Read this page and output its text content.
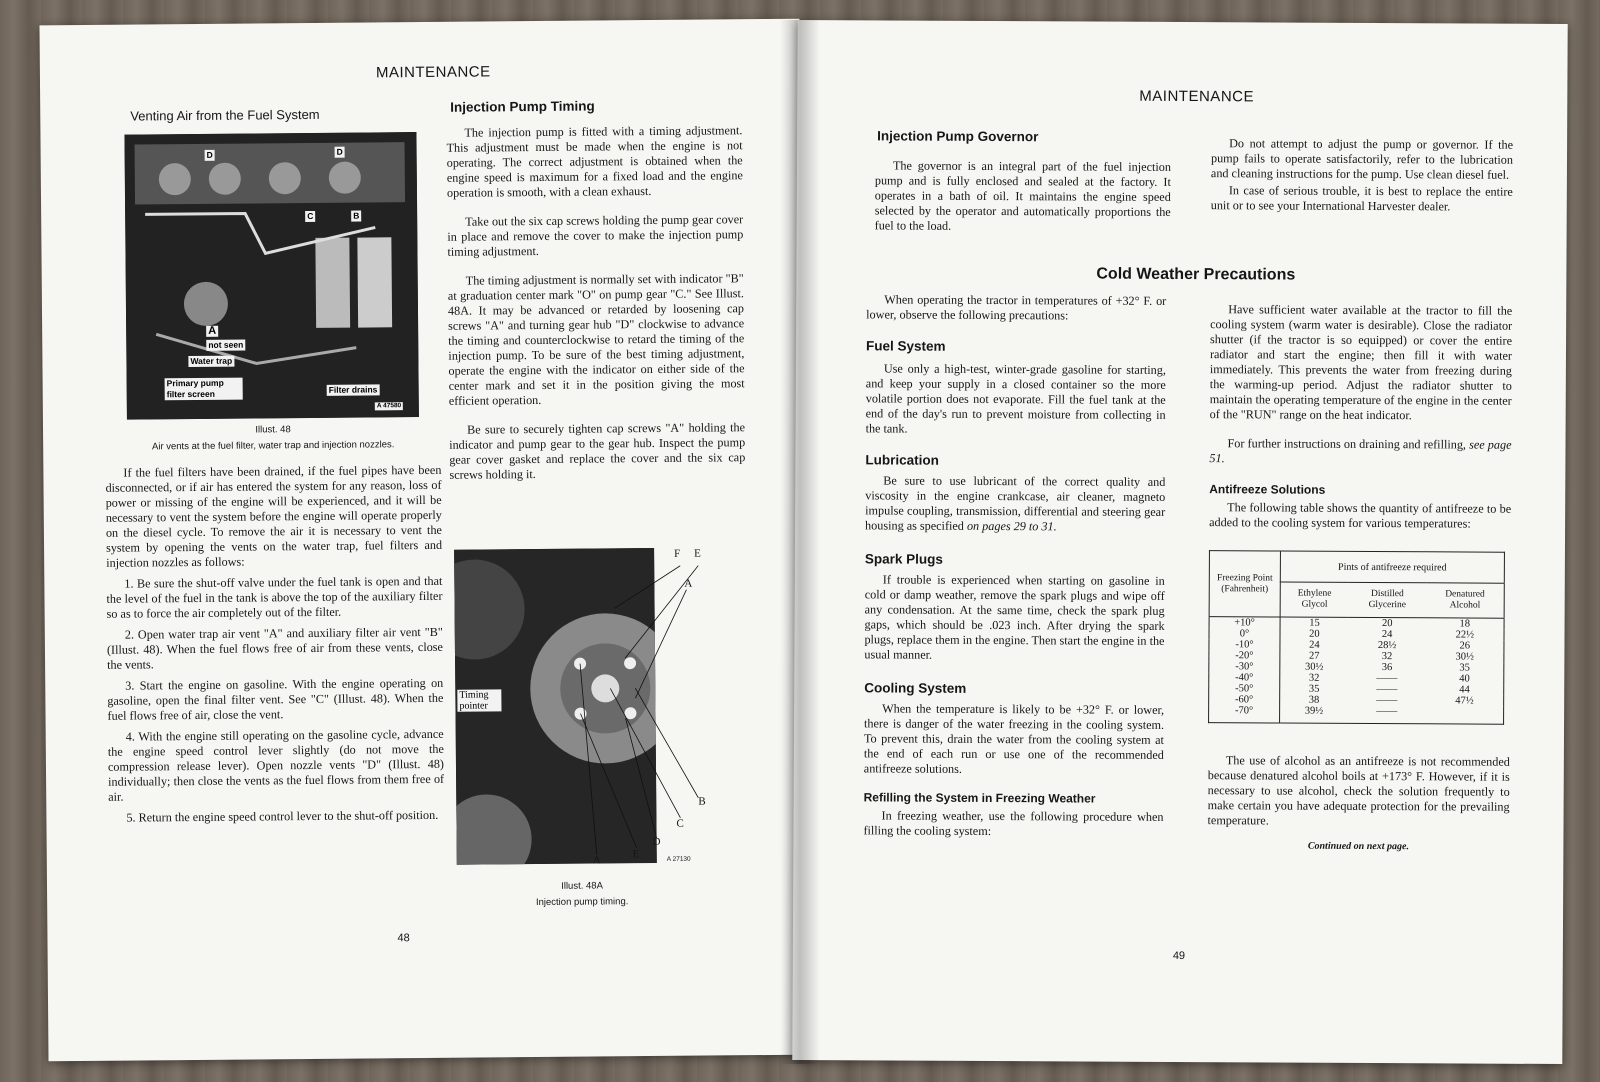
MAINTENANCE
Venting Air from the Fuel System
D	D
C	B
A
not seen
Water trap
Primary pump filter screen	Filter drains
A 47580
Illust. 48
Air vents at the fuel filter, water trap and injection nozzles.

If the fuel filters have been drained, if the fuel pipes have been disconnected, or if air has entered the system for any reason, loss of power or missing of the engine will be experienced, and it will be necessary to vent the system before the engine will operate properly on the diesel cycle. To remove the air it is necessary to vent the system by opening the vents on the water trap, fuel filters and injection nozzles as follows:

1. Be sure the shut-off valve under the fuel tank is open and that the level of the fuel in the tank is above the top of the auxiliary filter so as to force the air completely out of the filter.

2. Open water trap air vent "A" and auxiliary filter air vent "B" (Illust. 48). When the fuel flows free of air from these vents, close the vents.

3. Start the engine on gasoline. With the engine operating on gasoline, open the final filter vent. See "C" (Illust. 48). When the fuel flows free of air, close the vent.

4. With the engine still operating on the gasoline cycle, advance the engine speed control lever slightly (do not move the compression release lever). Open nozzle vents "D" (Illust. 48) individually; then close the vents as the fuel flows from them free of air.

5. Return the engine speed control lever to the shut-off position.

Injection Pump Timing

The injection pump is fitted with a timing adjustment. This adjustment must be made when the engine is not operating. The correct adjustment is obtained when the engine speed is maximum for a fixed load and the engine operation is smooth, with a clean exhaust.

Take out the six cap screws holding the pump gear cover in place and remove the cover to make the injection pump timing adjustment.

The timing adjustment is normally set with indicator "B" at graduation center mark "O" on pump gear "C." See Illust. 48A. It may be advanced or retarded by loosening cap screws "A" and turning gear hub "D" clockwise to advance the timing and counterclockwise to retard the timing of the injection pump. To be sure of the best timing adjustment, operate the engine with the indicator on either side of the center mark and set it in the position giving the most efficient operation.

Be sure to securely tighten cap screws "A" holding the indicator and pump gear to the gear hub. Inspect the pump gear cover gasket and replace the cover and the six cap screws holding it.

Timing pointer
F E
A
B
C
D
E
A	A 27130
Illust. 48A
Injection pump timing.
48
MAINTENANCE
Injection Pump Governor

The governor is an integral part of the fuel injection pump and is fully enclosed and sealed at the factory. It operates in a bath of oil. It maintains the engine speed selected by the operator and automatically proportions the fuel to the load.

Do not attempt to adjust the pump or governor. If the pump fails to operate satisfactorily, refer to the lubrication and cleaning instructions for the pump. Use clean diesel fuel.

In case of serious trouble, it is best to replace the entire unit or to see your International Harvester dealer.

Cold Weather Precautions

When operating the tractor in temperatures of +32° F. or lower, observe the following precautions:

Fuel System

Use only a high-test, winter-grade gasoline for starting, and keep your supply in a closed container so the more volatile portion does not evaporate. Fill the fuel tank at the end of the day's run to prevent moisture from collecting in the tank.

Lubrication

Be sure to use lubricant of the correct quality and viscosity in the engine crankcase, air cleaner, magneto impulse coupling, transmission, differential and steering gear housing as specified on pages 29 to 31.

Spark Plugs

If trouble is experienced when starting on gasoline in cold or damp weather, remove the spark plugs and wipe off any condensation. At the same time, check the spark plug gaps, which should be .023 inch. After drying the spark plugs, replace them in the engine. Then start the engine in the usual manner.

Cooling System

When the temperature is likely to be +32° F. or lower, there is danger of the water freezing in the cooling system. To prevent this, drain the water from the cooling system at the end of each run or use one of the recommended antifreeze solutions.

Refilling the System in Freezing Weather

In freezing weather, use the following procedure when filling the cooling system:

Have sufficient water available at the tractor to fill the cooling system (warm water is desirable). Close the radiator shutter (if the tractor is so equipped) or cover the entire radiator and start the engine; then fill it with water immediately. This prevents the water from freezing during the warming-up period. Adjust the radiator shutter to maintain the operating temperature of the engine in the center of the "RUN" range on the heat indicator.

For further instructions on draining and refilling, see page 51.

Antifreeze Solutions

The following table shows the quantity of antifreeze to be added to the cooling system for various temperatures:

Freezing Point (Fahrenheit)	Pints of antifreeze required		
	Ethylene Glycol	Distilled Glycerine	Denatured Alcohol
+10°	15	20	18
0°	20	24	22½
-10°	24	28½	26
-20°	27	32	30½
-30°	30½	36	35
-40°	32	——	40
-50°	35	——	44
-60°	38	——	47½
-70°	39½	——	

The use of alcohol as an antifreeze is not recommended because denatured alcohol boils at +173° F. However, if it is necessary to use alcohol, check the solution frequently to make certain you have adequate protection for the prevailing temperature.

Continued on next page.
49
